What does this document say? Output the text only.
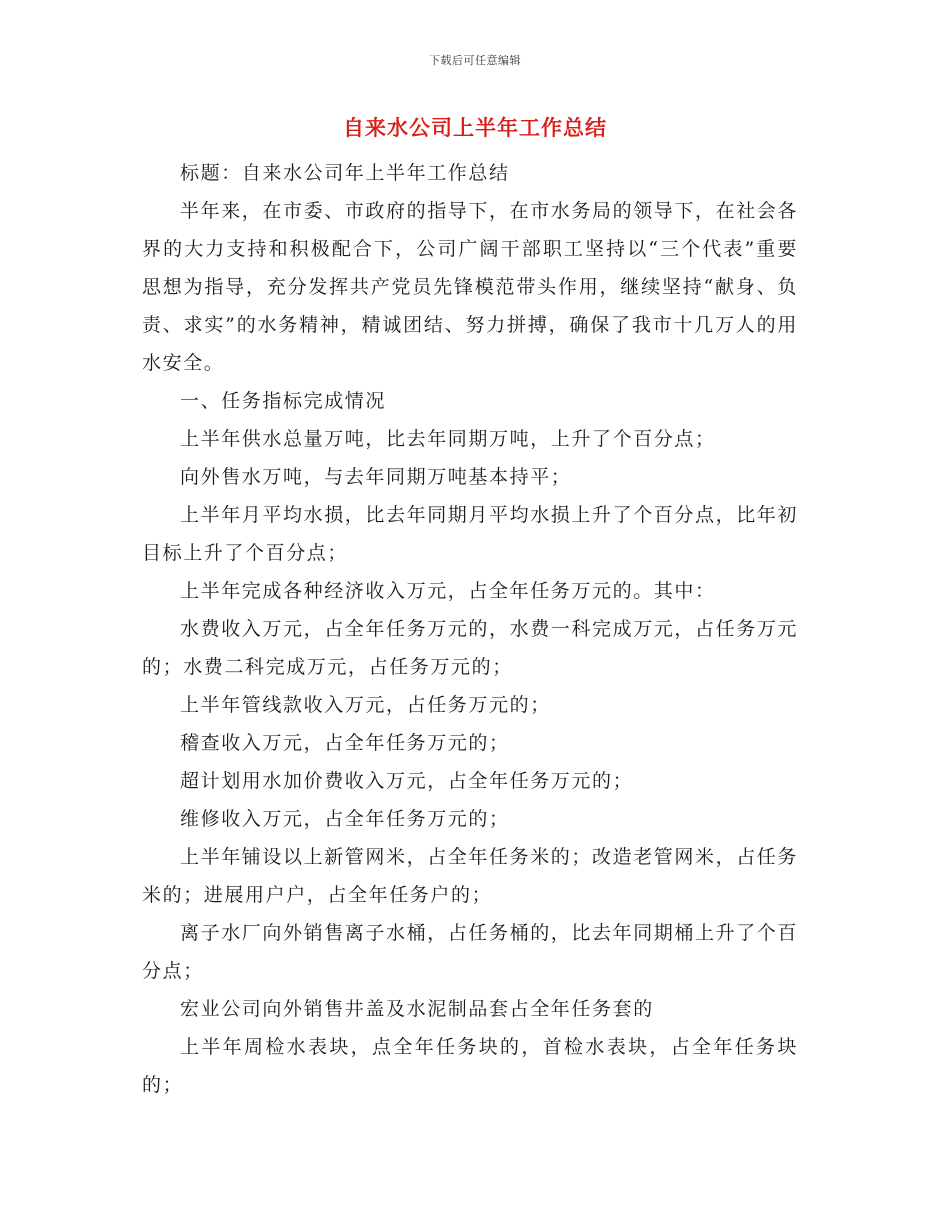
下载后可任意编辑
自来水公司上半年工作总结

标题：自来水公司年上半年工作总结

半年来，在市委、市政府的指导下，在市水务局的领导下，在社会各界的大力支持和积极配合下，公司广阔干部职工坚持以“三个代表”重要思想为指导，充分发挥共产党员先锋模范带头作用，继续坚持“献身、负责、求实”的水务精神，精诚团结、努力拼搏，确保了我市十几万人的用水安全。

一、任务指标完成情况

上半年供水总量万吨，比去年同期万吨，上升了个百分点；

向外售水万吨，与去年同期万吨基本持平；

上半年月平均水损，比去年同期月平均水损上升了个百分点，比年初目标上升了个百分点；

上半年完成各种经济收入万元，占全年任务万元的。其中：

水费收入万元，占全年任务万元的，水费一科完成万元，占任务万元的；水费二科完成万元，占任务万元的；

上半年管线款收入万元，占任务万元的；

稽查收入万元，占全年任务万元的；

超计划用水加价费收入万元，占全年任务万元的；

维修收入万元，占全年任务万元的；

上半年铺设以上新管网米，占全年任务米的；改造老管网米，占任务米的；进展用户户，占全年任务户的；

离子水厂向外销售离子水桶，占任务桶的，比去年同期桶上升了个百分点；

宏业公司向外销售井盖及水泥制品套占全年任务套的

上半年周检水表块，点全年任务块的，首检水表块，占全年任务块的；
